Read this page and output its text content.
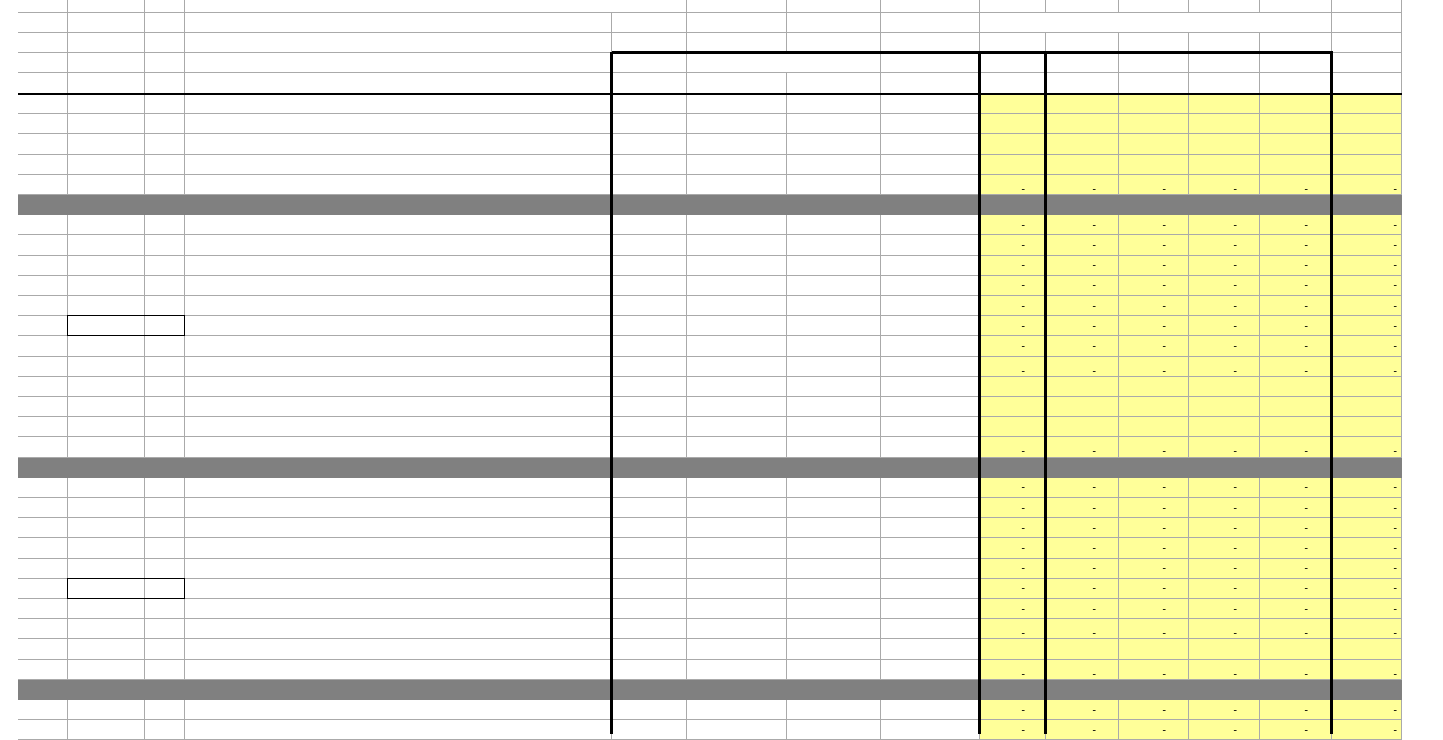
-	-	-	-	-	-
-	-	-	-	-	-
-	-	-	-	-	-
-	-	-	-	-	-
-	-	-	-	-	-
-	-	-	-	-	-
-	-	-	-	-	-
-	-	-	-	-	-
-	-	-	-	-	-
-	-	-	-	-	-
-	-	-	-	-	-
-	-	-	-	-	-
-	-	-	-	-	-
-	-	-	-	-	-
-	-	-	-	-	-
-	-	-	-	-	-
-	-	-	-	-	-
-	-	-	-	-	-
-	-	-	-	-	-
-	-	-	-	-	-
-	-	-	-	-	-
